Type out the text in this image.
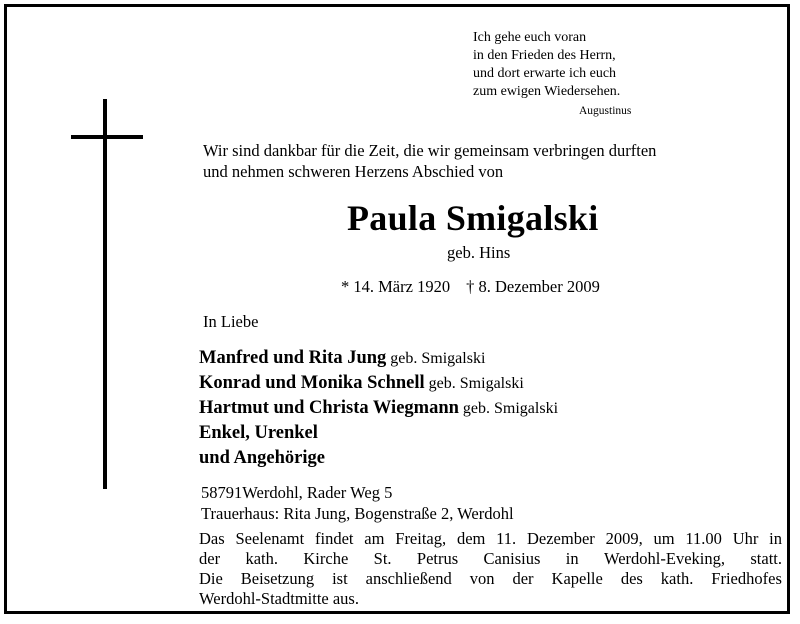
Ich gehe euch voran
in den Frieden des Herrn,
und dort erwarte ich euch
zum ewigen Wiedersehen.
Augustinus
Wir sind dankbar für die Zeit, die wir gemeinsam verbringen durften
und nehmen schweren Herzens Abschied von
Paula Smigalski
geb. Hins
* 14. März 1920 † 8. Dezember 2009
In Liebe
Manfred und Rita Jung geb. Smigalski
Konrad und Monika Schnell geb. Smigalski
Hartmut und Christa Wiegmann geb. Smigalski
Enkel, Urenkel
und Angehörige
58791Werdohl, Rader Weg 5
Trauerhaus: Rita Jung, Bogenstraße 2, Werdohl
Das Seelenamt findet am Freitag, dem 11. Dezember 2009, um 11.00 Uhr in
der kath. Kirche St. Petrus Canisius in Werdohl-Eveking, statt.
Die Beisetzung ist anschließend von der Kapelle des kath. Friedhofes
Werdohl-Stadtmitte aus.
